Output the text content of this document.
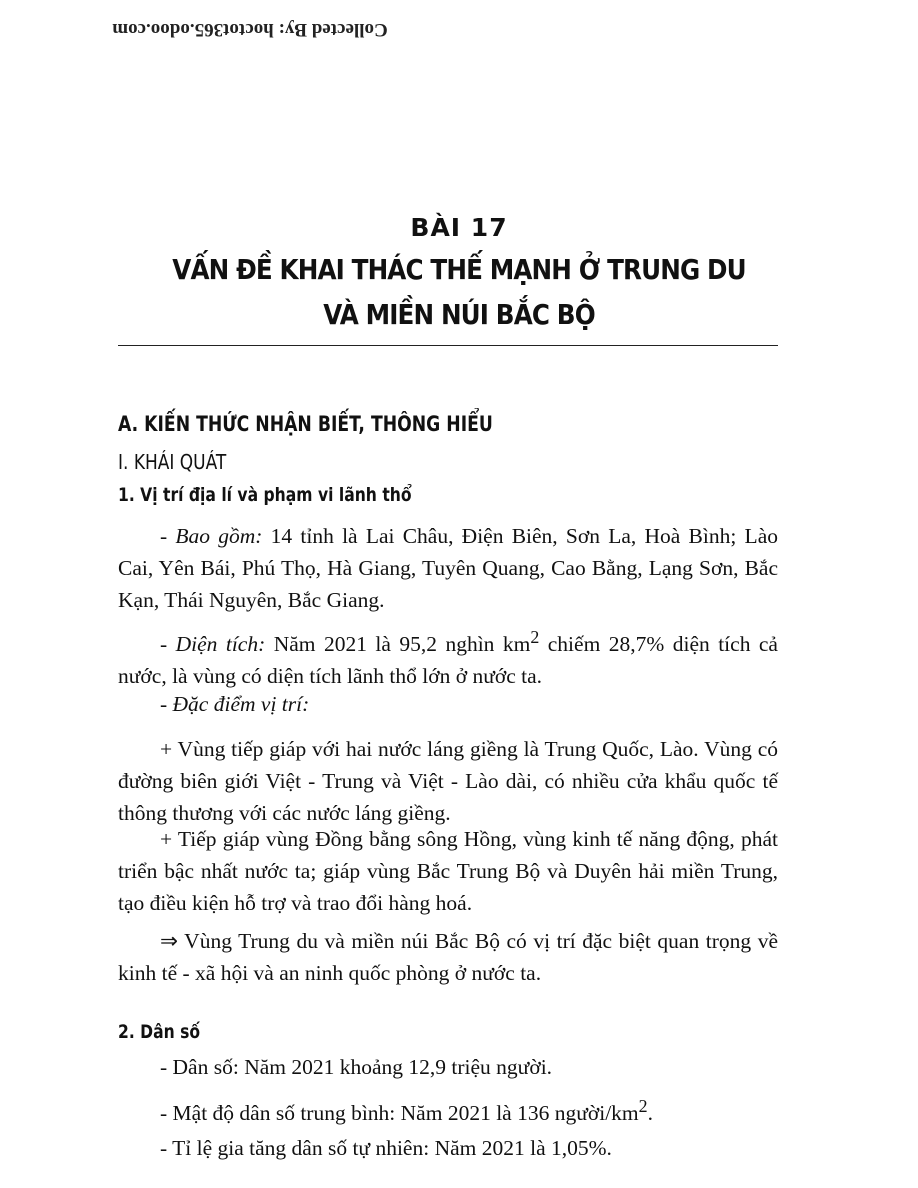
Collected By: hoctot365.odoo.com
BÀI 17
VẤN ĐỀ KHAI THÁC THẾ MẠNH Ở TRUNG DU
VÀ MIỀN NÚI BẮC BỘ
A. KIẾN THỨC NHẬN BIẾT, THÔNG HIỂU
I. KHÁI QUÁT
1. Vị trí địa lí và phạm vi lãnh thổ

- Bao gồm: 14 tỉnh là Lai Châu, Điện Biên, Sơn La, Hoà Bình; Lào Cai, Yên Bái, Phú Thọ, Hà Giang, Tuyên Quang, Cao Bằng, Lạng Sơn, Bắc Kạn, Thái Nguyên, Bắc Giang.

- Diện tích: Năm 2021 là 95,2 nghìn $km^2$ chiếm 28,7% diện tích cả nước, là vùng có diện tích lãnh thổ lớn ở nước ta.

- Đặc điểm vị trí:

+ Vùng tiếp giáp với hai nước láng giềng là Trung Quốc, Lào. Vùng có đường biên giới Việt - Trung và Việt - Lào dài, có nhiều cửa khẩu quốc tế thông thương với các nước láng giềng.

+ Tiếp giáp vùng Đồng bằng sông Hồng, vùng kinh tế năng động, phát triển bậc nhất nước ta; giáp vùng Bắc Trung Bộ và Duyên hải miền Trung, tạo điều kiện hỗ trợ và trao đổi hàng hoá.

⇒ Vùng Trung du và miền núi Bắc Bộ có vị trí đặc biệt quan trọng về kinh tế - xã hội và an ninh quốc phòng ở nước ta.

2. Dân số

- Dân số: Năm 2021 khoảng 12,9 triệu người.

- Mật độ dân số trung bình: Năm 2021 là 136 người/$km^2$.

- Tỉ lệ gia tăng dân số tự nhiên: Năm 2021 là 1,05%.
